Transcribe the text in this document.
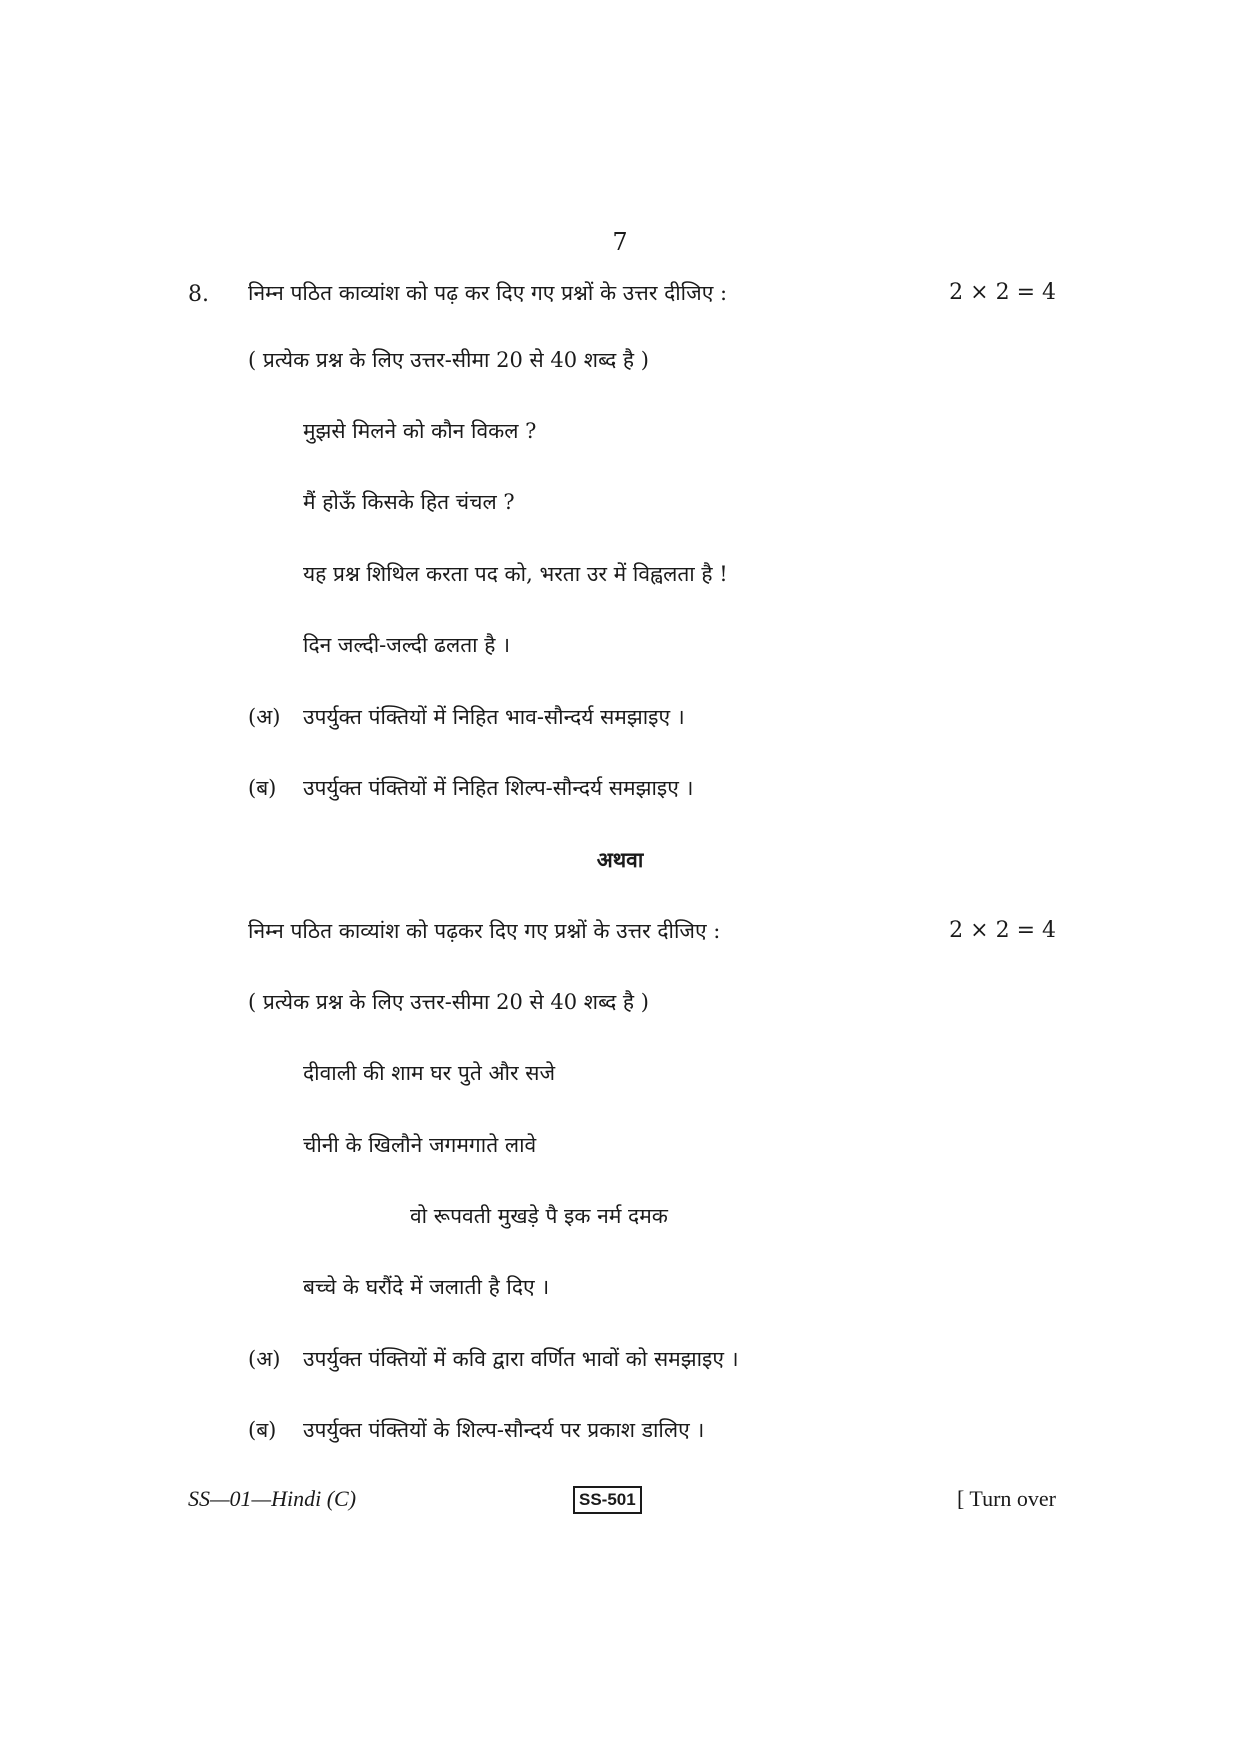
7
8. निम्न पठित काव्यांश को पढ़ कर दिए गए प्रश्नों के उत्तर दीजिए :	2 × 2 = 4
( प्रत्येक प्रश्न के लिए उत्तर-सीमा 20 से 40 शब्द है )
मुझसे मिलने को कौन विकल ?
मैं होऊँ किसके हित चंचल ?
यह प्रश्न शिथिल करता पद को, भरता उर में विह्वलता है !
दिन जल्दी-जल्दी ढलता है ।
(अ) उपर्युक्त पंक्तियों में निहित भाव-सौन्दर्य समझाइए ।
(ब) उपर्युक्त पंक्तियों में निहित शिल्प-सौन्दर्य समझाइए ।
अथवा
निम्न पठित काव्यांश को पढ़कर दिए गए प्रश्नों के उत्तर दीजिए :	2 × 2 = 4
( प्रत्येक प्रश्न के लिए उत्तर-सीमा 20 से 40 शब्द है )
दीवाली की शाम घर पुते और सजे
चीनी के खिलौने जगमगाते लावे
वो रूपवती मुखड़े पै इक नर्म दमक
बच्चे के घरौंदे में जलाती है दिए ।
(अ) उपर्युक्त पंक्तियों में कवि द्वारा वर्णित भावों को समझाइए ।
(ब) उपर्युक्त पंक्तियों के शिल्प-सौन्दर्य पर प्रकाश डालिए ।
SS—01—Hindi (C)	SS-501	[ Turn over
